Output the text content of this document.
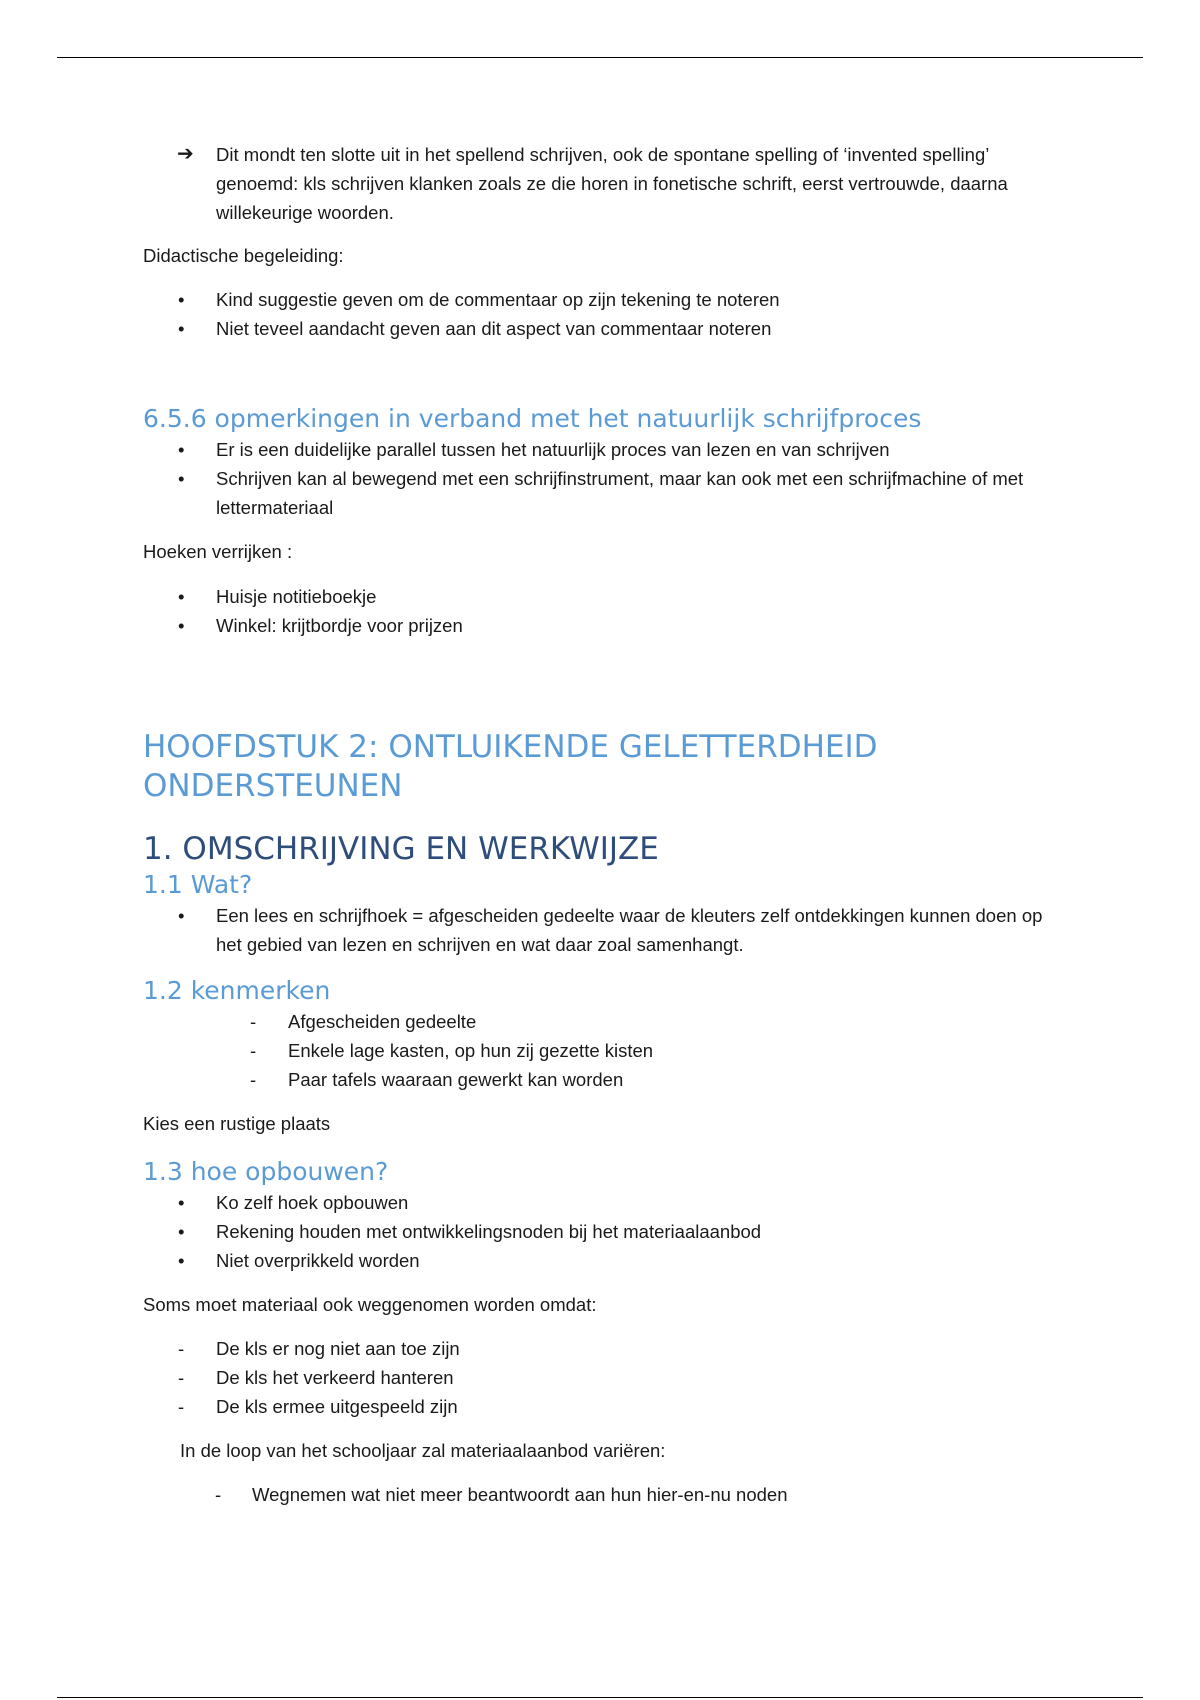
➔ Dit mondt ten slotte uit in het spellend schrijven, ook de spontane spelling of ‘invented spelling’ genoemd: kls schrijven klanken zoals ze die horen in fonetische schrift, eerst vertrouwde, daarna willekeurige woorden.

Didactische begeleiding:

• Kind suggestie geven om de commentaar op zijn tekening te noteren
• Niet teveel aandacht geven aan dit aspect van commentaar noteren
6.5.6 opmerkingen in verband met het natuurlijk schrijfproces
• Er is een duidelijke parallel tussen het natuurlijk proces van lezen en van schrijven
• Schrijven kan al bewegend met een schrijfinstrument, maar kan ook met een schrijfmachine of met lettermateriaal

Hoeken verrijken :

• Huisje notitieboekje
• Winkel: krijtbordje voor prijzen
HOOFDSTUK 2: ONTLUIKENDE GELETTERDHEID ONDERSTEUNEN
1. OMSCHRIJVING EN WERKWIJZE
1.1 Wat?
• Een lees en schrijfhoek = afgescheiden gedeelte waar de kleuters zelf ontdekkingen kunnen doen op het gebied van lezen en schrijven en wat daar zoal samenhangt.
1.2 kenmerken
- Afgescheiden gedeelte
- Enkele lage kasten, op hun zij gezette kisten
- Paar tafels waaraan gewerkt kan worden

Kies een rustige plaats

1.3 hoe opbouwen?
• Ko zelf hoek opbouwen
• Rekening houden met ontwikkelingsnoden bij het materiaalaanbod
• Niet overprikkeld worden

Soms moet materiaal ook weggenomen worden omdat:

- De kls er nog niet aan toe zijn
- De kls het verkeerd hanteren
- De kls ermee uitgespeeld zijn

In de loop van het schooljaar zal materiaalaanbod variëren:

- Wegnemen wat niet meer beantwoordt aan hun hier-en-nu noden
